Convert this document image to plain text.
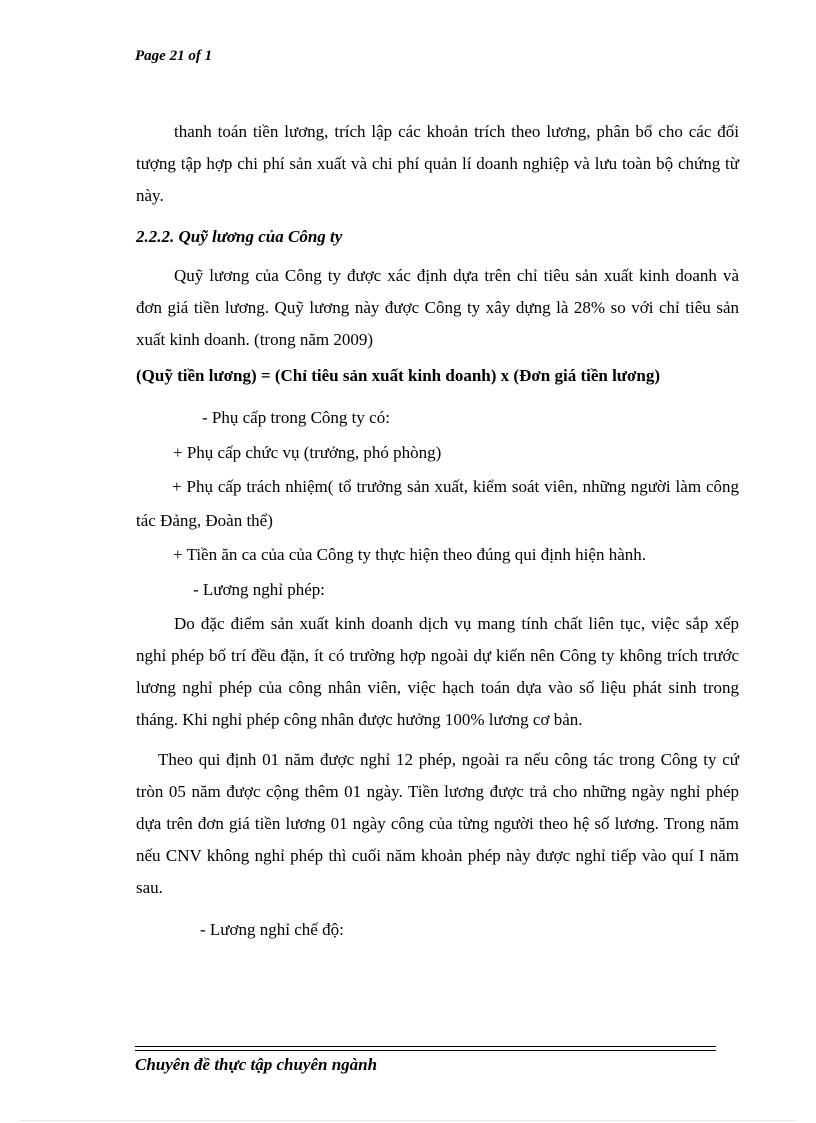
Page 21 of 1

thanh toán tiền lương, trích lập các khoản trích theo lương, phân bổ cho các đối tượng tập hợp chi phí sản xuất và chi phí quản lí doanh nghiệp và lưu toàn bộ chứng từ này.

2.2.2. Quỹ lương của Công ty

Quỹ lương của Công ty được xác định dựa trên chỉ tiêu sản xuất kinh doanh và đơn giá tiền lương. Quỹ lương này được Công ty xây dựng là 28% so với chỉ tiêu sản xuất kinh doanh. (trong năm 2009)

(Quỹ tiền lương) = (Chỉ tiêu sản xuất kinh doanh) x (Đơn giá tiền lương)

- Phụ cấp trong Công ty có:

+ Phụ cấp chức vụ (trưởng, phó phòng)

+ Phụ cấp trách nhiệm( tổ trưởng sản xuất, kiểm soát viên, những người làm công tác Đảng, Đoàn thể)

+ Tiền ăn ca của của Công ty thực hiện theo đúng qui định hiện hành.

- Lương nghỉ phép:

Do đặc điểm sản xuất kinh doanh dịch vụ mang tính chất liên tục, việc sắp xếp nghỉ phép bố trí đều đặn, ít có trường hợp ngoài dự kiến nên Công ty không trích trước lương nghỉ phép của công nhân viên, việc hạch toán dựa vào số liệu phát sinh trong tháng. Khi nghỉ phép công nhân được hưởng 100% lương cơ bản.

Theo qui định 01 năm được nghỉ 12 phép, ngoài ra nếu công tác trong Công ty cứ tròn 05 năm được cộng thêm 01 ngày. Tiền lương được trả cho những ngày nghỉ phép dựa trên đơn giá tiền lương 01 ngày công của từng người theo hệ số lương. Trong năm nếu CNV không nghỉ phép thì cuối năm khoản phép này được nghỉ tiếp vào quí I năm sau.

- Lương nghỉ chế độ:

Chuyên đề thực tập chuyên ngành
